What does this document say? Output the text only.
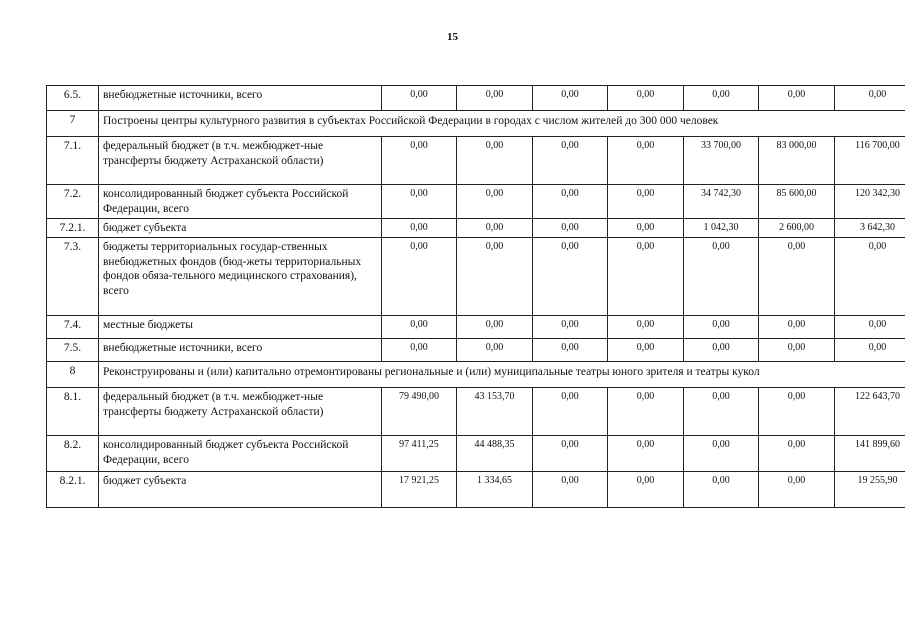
15
6.5.	внебюджетные источники, всего	0,00	0,00	0,00	0,00	0,00	0,00	0,00
7	Построены центры культурного развития в субъектах Российской Федерации в городах с числом жителей до 300 000 человек							
7.1.	федеральный бюджет (в т.ч. межбюджет-ные трансферты бюджету Астраханской области)	0,00	0,00	0,00	0,00	33 700,00	83 000,00	116 700,00
7.2.	консолидированный бюджет субъекта Российской Федерации, всего	0,00	0,00	0,00	0,00	34 742,30	85 600,00	120 342,30
7.2.1.	бюджет субъекта	0,00	0,00	0,00	0,00	1 042,30	2 600,00	3 642,30
7.3.	бюджеты территориальных государ-ственных внебюджетных фондов (бюд-жеты территориальных фондов обяза-тельного медицинского страхования), всего	0,00	0,00	0,00	0,00	0,00	0,00	0,00
7.4.	местные бюджеты	0,00	0,00	0,00	0,00	0,00	0,00	0,00
7.5.	внебюджетные источники, всего	0,00	0,00	0,00	0,00	0,00	0,00	0,00
8	Реконструированы и (или) капитально отремонтированы региональные и (или) муниципальные театры юного зрителя и театры кукол							
8.1.	федеральный бюджет (в т.ч. межбюджет-ные трансферты бюджету Астраханской области)	79 490,00	43 153,70	0,00	0,00	0,00	0,00	122 643,70
8.2.	консолидированный бюджет субъекта Российской Федерации, всего	97 411,25	44 488,35	0,00	0,00	0,00	0,00	141 899,60
8.2.1.	бюджет субъекта	17 921,25	1 334,65	0,00	0,00	0,00	0,00	19 255,90
